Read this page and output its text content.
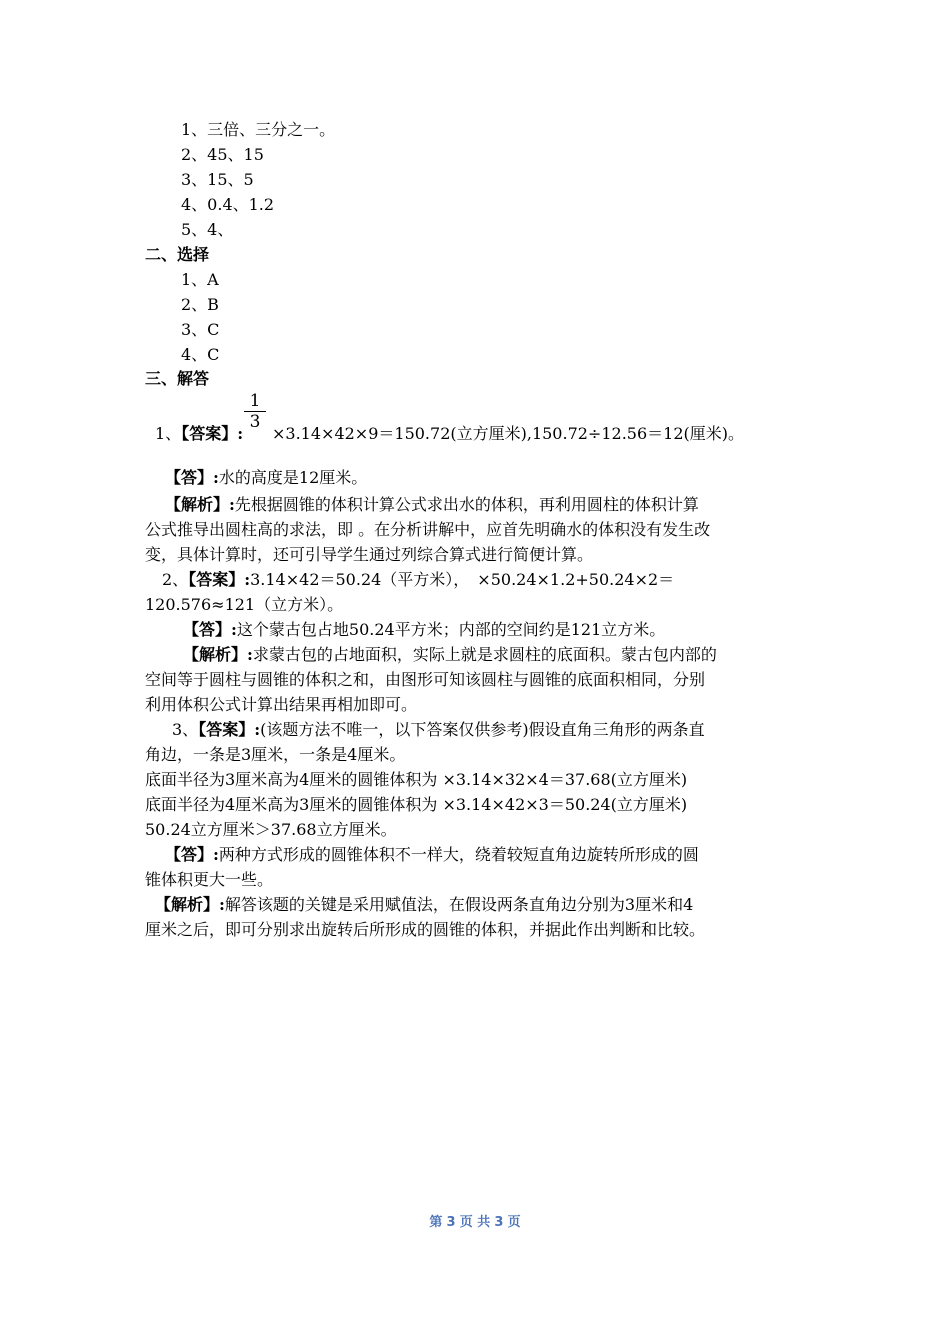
1、三倍、三分之一。
2、45、15
3、15、5
4、0.4、1.2
5、4、
二、选择
1、A
2、B
3、C
4、C
三、解答
$\frac{1}{3}$
1、【答案】: ×3.14×42×9＝150.72(立方厘米),150.72÷12.56＝12(厘米)。
【答】:水的高度是12厘米。
【解析】:先根据圆锥的体积计算公式求出水的体积，再利用圆柱的体积计算
公式推导出圆柱高的求法，即 。在分析讲解中，应首先明确水的体积没有发生改
变，具体计算时，还可引导学生通过列综合算式进行简便计算。
2、【答案】:3.14×42＝50.24（平方米），　×50.24×1.2+50.24×2＝
120.576≈121（立方米）。
【答】:这个蒙古包占地50.24平方米；内部的空间约是121立方米。
【解析】:求蒙古包的占地面积，实际上就是求圆柱的底面积。蒙古包内部的
空间等于圆柱与圆锥的体积之和，由图形可知该圆柱与圆锥的底面积相同，分别
利用体积公式计算出结果再相加即可。
3、【答案】:(该题方法不唯一，以下答案仅供参考)假设直角三角形的两条直
角边，一条是3厘米，一条是4厘米。
底面半径为3厘米高为4厘米的圆锥体积为 ×3.14×32×4＝37.68(立方厘米)
底面半径为4厘米高为3厘米的圆锥体积为 ×3.14×42×3＝50.24(立方厘米)
50.24立方厘米＞37.68立方厘米。
【答】:两种方式形成的圆锥体积不一样大，绕着较短直角边旋转所形成的圆
锥体积更大一些。
【解析】:解答该题的关键是采用赋值法，在假设两条直角边分别为3厘米和4
厘米之后，即可分别求出旋转后所形成的圆锥的体积，并据此作出判断和比较。
第 3 页 共 3 页
